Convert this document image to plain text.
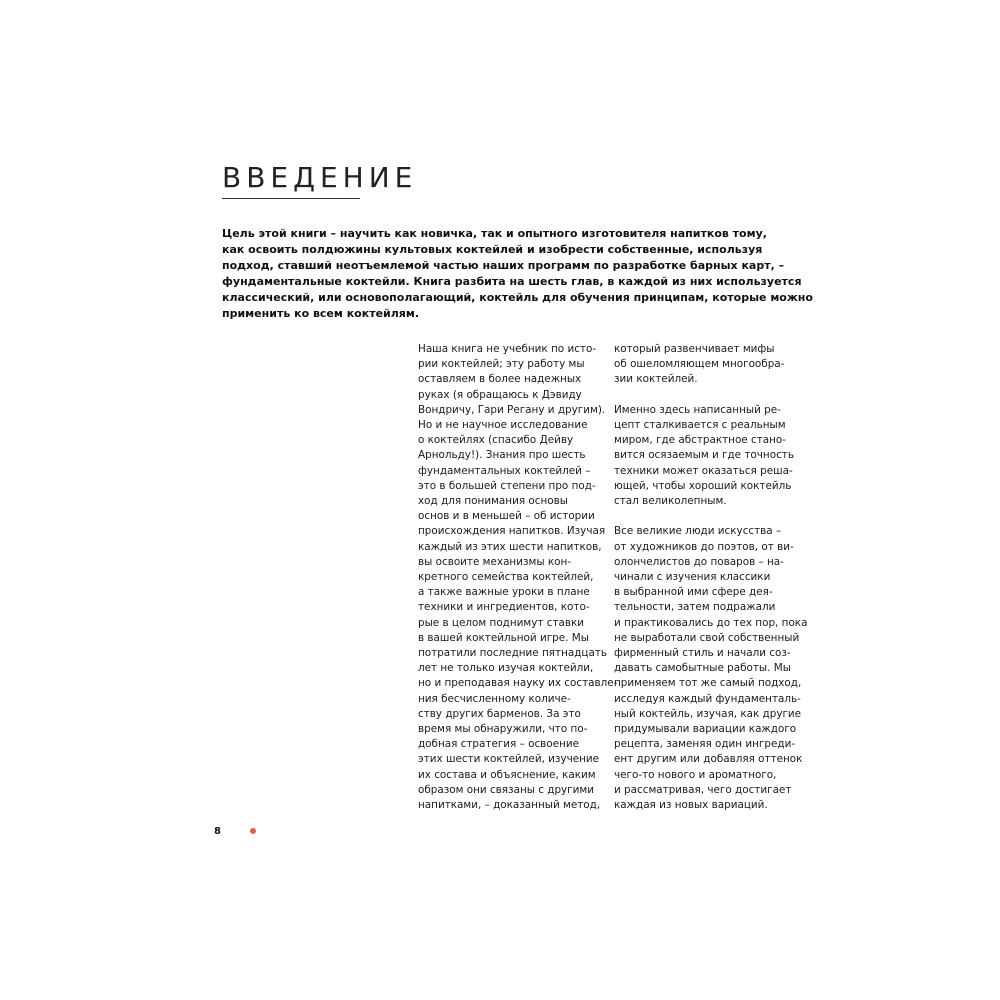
ВВЕДЕНИЕ
Цель этой книги – научить как новичка, так и опытного изготовителя напитков тому,
как освоить полдюжины культовых коктейлей и изобрести собственные, используя
подход, ставший неотъемлемой частью наших программ по разработке барных карт, –
фундаментальные коктейли. Книга разбита на шесть глав, в каждой из них используется
классический, или основополагающий, коктейль для обучения принципам, которые можно
применить ко всем коктейлям.
Наша книга не учебник по исто-
рии коктейлей; эту работу мы
оставляем в более надежных
руках (я обращаюсь к Дэвиду
Вондричу, Гари Регану и другим).
Но и не научное исследование
о коктейлях (спасибо Дейву
Арнольду!). Знания про шесть
фундаментальных коктейлей –
это в большей степени про под-
ход для понимания основы
основ и в меньшей – об истории
происхождения напитков. Изучая
каждый из этих шести напитков,
вы освоите механизмы кон-
кретного семейства коктейлей,
а также важные уроки в плане
техники и ингредиентов, кото-
рые в целом поднимут ставки
в вашей коктейльной игре. Мы
потратили последние пятнадцать
лет не только изучая коктейли,
но и преподавая науку их составле-
ния бесчисленному количе-
ству других барменов. За это
время мы обнаружили, что по-
добная стратегия – освоение
этих шести коктейлей, изучение
их состава и объяснение, каким
образом они связаны с другими
напитками, – доказанный метод,
который развенчивает мифы
об ошеломляющем многообра-
зии коктейлей.
Именно здесь написанный ре-
цепт сталкивается с реальным
миром, где абстрактное стано-
вится осязаемым и где точность
техники может оказаться реша-
ющей, чтобы хороший коктейль
стал великолепным.
Все великие люди искусства –
от художников до поэтов, от ви-
олончелистов до поваров – на-
чинали с изучения классики
в выбранной ими сфере дея-
тельности, затем подражали
и практиковались до тех пор, пока
не выработали свой собственный
фирменный стиль и начали соз-
давать самобытные работы. Мы
применяем тот же самый подход,
исследуя каждый фундаменталь-
ный коктейль, изучая, как другие
придумывали вариации каждого
рецепта, заменяя один ингреди-
ент другим или добавляя оттенок
чего-то нового и ароматного,
и рассматривая, чего достигает
каждая из новых вариаций.
8
